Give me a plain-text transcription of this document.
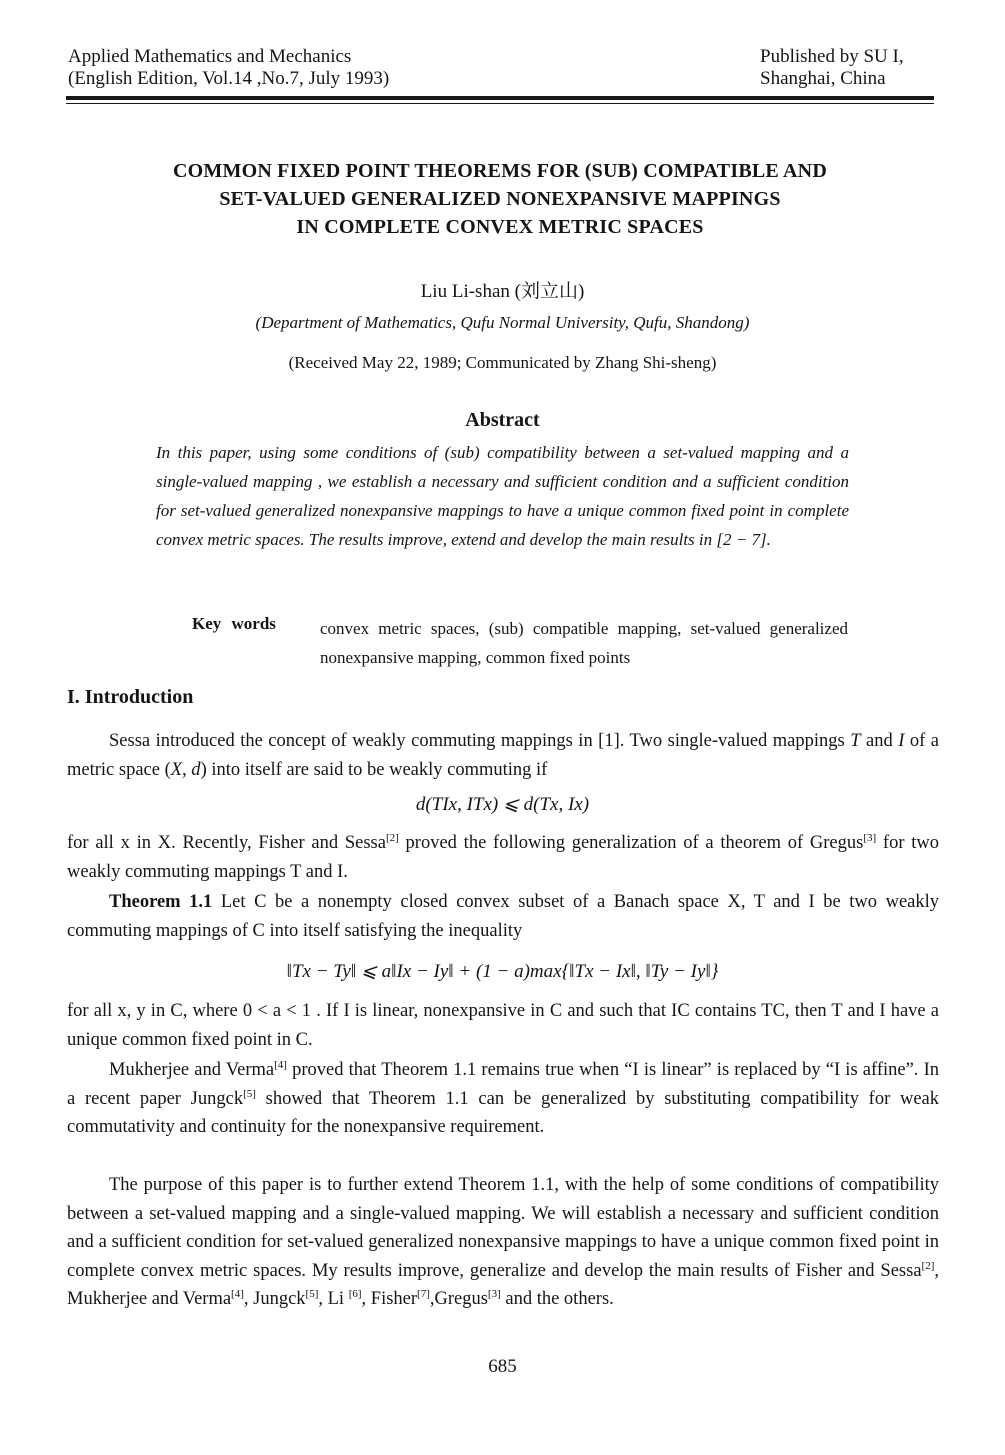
Applied Mathematics and Mechanics
(English Edition, Vol.14 ,No.7, July 1993)
Published by SU I,
Shanghai, China
COMMON FIXED POINT THEOREMS FOR (SUB) COMPATIBLE AND
SET-VALUED GENERALIZED NONEXPANSIVE MAPPINGS
IN COMPLETE CONVEX METRIC SPACES
Liu Li-shan (刘立山)
(Department of Mathematics, Qufu Normal University, Qufu, Shandong)
(Received May 22, 1989; Communicated by Zhang Shi-sheng)
Abstract
In this paper, using some conditions of (sub) compatibility between a set-valued mapping and a single-valued mapping , we establish a necessary and sufficient condition and a sufficient condition for set-valued generalized nonexpansive mappings to have a unique common fixed point in complete convex metric spaces. The results improve, extend and develop the main results in [2 − 7].
Key words	convex metric spaces, (sub) compatible mapping, set-valued generalized nonexpansive mapping, common fixed points
I. Introduction
Sessa introduced the concept of weakly commuting mappings in [1]. Two single-valued mappings T and I of a metric space (X, d) into itself are said to be weakly commuting if
d(TIx, ITx) ⩽ d(Tx, Ix)
for all x in X. Recently, Fisher and Sessa[2] proved the following generalization of a theorem of Gregus[3] for two weakly commuting mappings T and I.
Theorem 1.1 Let C be a nonempty closed convex subset of a Banach space X, T and I be two weakly commuting mappings of C into itself satisfying the inequality
‖Tx − Ty‖ ⩽ a‖Ix − Iy‖ + (1 − a)max{‖Tx − Ix‖, ‖Ty − Iy‖}
for all x, y in C, where 0 < a < 1 . If I is linear, nonexpansive in C and such that IC contains TC, then T and I have a unique common fixed point in C.
Mukherjee and Verma[4] proved that Theorem 1.1 remains true when “I is linear” is replaced by “I is affine”. In a recent paper Jungck[5] showed that Theorem 1.1 can be generalized by substituting compatibility for weak commutativity and continuity for the nonexpansive requirement.
The purpose of this paper is to further extend Theorem 1.1, with the help of some conditions of compatibility between a set-valued mapping and a single-valued mapping. We will establish a necessary and sufficient condition and a sufficient condition for set-valued generalized nonexpansive mappings to have a unique common fixed point in complete convex metric spaces. My results improve, generalize and develop the main results of Fisher and Sessa[2], Mukherjee and Verma[4], Jungck[5], Li [6], Fisher[7],Gregus[3] and the others.
685
